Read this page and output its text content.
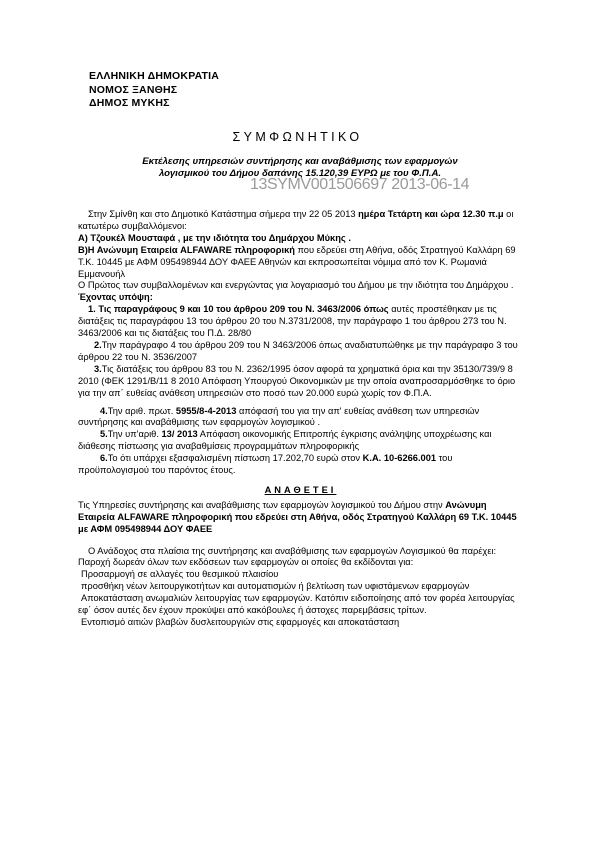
ΕΛΛΗΝΙΚΗ ΔΗΜΟΚΡΑΤΙΑ
ΝΟΜΟΣ ΞΑΝΘΗΣ
ΔΗΜΟΣ ΜΥΚΗΣ
ΣΥΜΦΩΝΗΤΙΚΟ
Εκτέλεσης υπηρεσιών συντήρησης και αναβάθμισης των εφαρμογών
λογισμικού του Δήμου δαπάνης 15.120,39 ΕΥΡΩ με του Φ.Π.Α.
13SYMV001506697 2013-06-14

Στην Σμίνθη και στο Δημοτικό Κατάστημα σήμερα την 22 05 2013 ημέρα Τετάρτη και ώρα 12.30 π.μ οι κατωτέρω συμβαλλόμενοι:

Α) Τζουκέλ Μουσταφά , με την ιδιότητα του Δημάρχου Μύκης .

Β)Η Ανώνυμη Εταιρεία ALFAWARE πληροφορική που εδρεύει στη Αθήνα, οδός Στρατηγού Καλλάρη 69 Τ.Κ. 10445 με ΑΦΜ 095498944 ΔΟΥ ΦΑΕΕ Αθηνών και εκπροσωπείται νόμιμα από τον Κ. Ρωμανιά Εμμανουήλ

Ο Πρώτος των συμβαλλομένων και ενεργώντας για λογαριασμό του Δήμου με την ιδιότητα του Δημάρχου .

Έχοντας υπόψη:

1. Τις παραγράφους 9 και 10 του άρθρου 209 του Ν. 3463/2006 όπως αυτές προστέθηκαν με τις διατάξεις τις παραγράφου 13 του άρθρου 20 του Ν.3731/2008, την παράγραφο 1 του άρθρου 273 του Ν. 3463/2006 και τις διατάξεις του Π.Δ. 28/80

2.Την παράγραφο 4 του άρθρου 209 του Ν 3463/2006 όπως αναδιατυπώθηκε με την παράγραφο 3 του άρθρου 22 του Ν. 3536/2007

3.Τις διατάξεις του άρθρου 83 του Ν. 2362/1995 όσον αφορά τα χρηματικά όρια και την 35130/739/9 8 2010 (ΦΕΚ 1291/Β/11 8 2010 Απόφαση Υπουργού Οικονομικών με την οποία αναπροσαρμόσθηκε το όριο για την απ΄ ευθείας ανάθεση υπηρεσιών στο ποσό των 20.000 ευρώ χωρίς τον Φ.Π.Α.

4.Την αριθ. πρωτ. 5955/8-4-2013 απόφασή του για την απ' ευθείας ανάθεση των υπηρεσιών συντήρησης και αναβάθμισης των εφαρμογών λογισμικού .

5.Την υπ'αριθ. 13/ 2013 Απόφαση οικονομικής Επιτροπής έγκρισης ανάληψης υποχρέωσης και διάθεσης πίστωσης για αναβαθμίσεις προγραμμάτων πληροφορικής

6.Το ότι υπάρχει εξασφαλισμένη πίστωση 17.202,70 ευρώ στον Κ.Α. 10-6266.001 του προϋπολογισμού του παρόντος έτους.

ΑΝΑΘΕΤΕΙ

Τις Υπηρεσίες συντήρησης και αναβάθμισης των εφαρμογών λογισμικού του Δήμου στην Ανώνυμη Εταιρεία ALFAWARE πληροφορική που εδρεύει στη Αθήνα, οδός Στρατηγού Καλλάρη 69 Τ.Κ. 10445 με ΑΦΜ 095498944 ΔΟΥ ΦΑΕΕ

Ο Ανάδοχος στα πλαίσια της συντήρησης και αναβάθμισης των εφαρμογών Λογισμικού θα παρέχει:

Παροχή δωρεάν όλων των εκδόσεων των εφαρμογών οι οποίες θα εκδίδονται για:

Προσαρμογή σε αλλαγές του θεσμικού πλαισίου

προσθήκη νέων λειτουργικοτήτων και αυτοματισμών ή βελτίωση των υφιστάμενων εφαρμογών

Αποκατάσταση ανωμαλιών λειτουργίας των εφαρμογών. Κατόπιν ειδοποίησης από τον φορέα λειτουργίας εφ΄ όσον αυτές δεν έχουν προκύψει από κακόβουλες ή άστοχες παρεμβάσεις τρίτων.

Εντοπισμό αιτιών βλαβών δυσλειτουργιών στις εφαρμογές και αποκατάσταση
